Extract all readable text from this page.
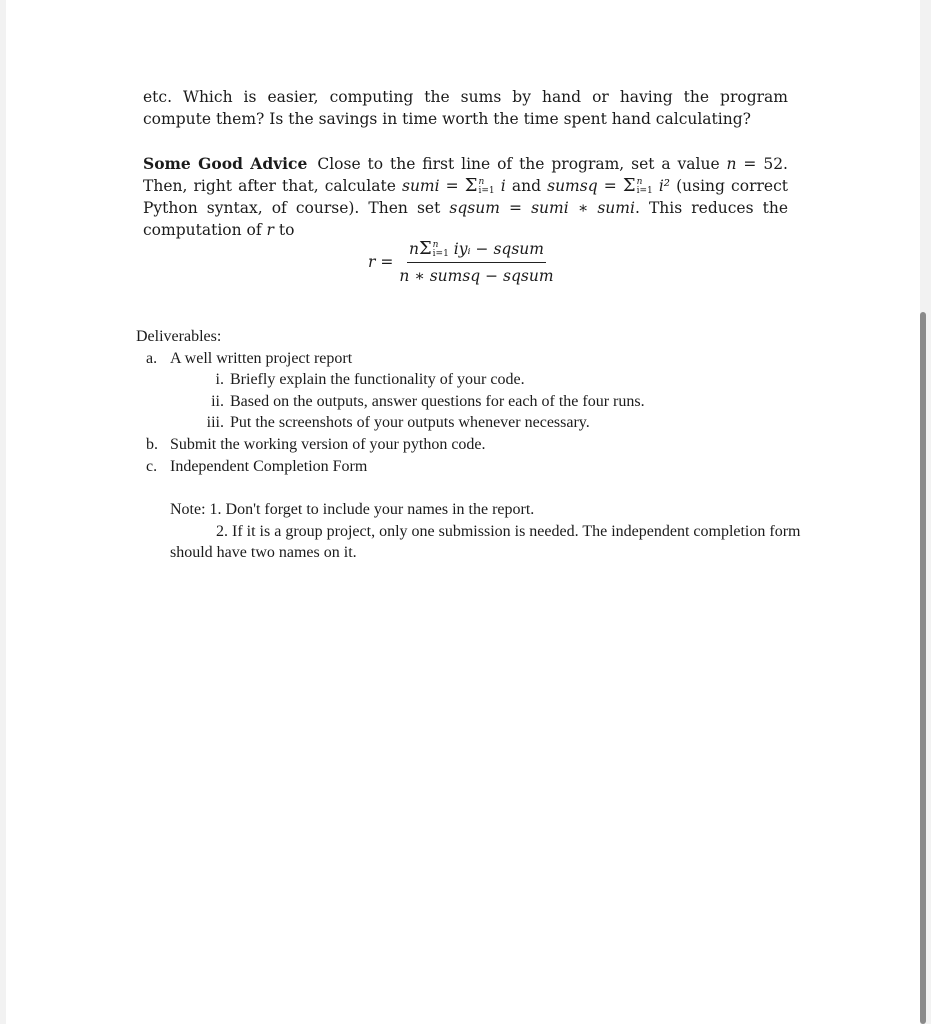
etc. Which is easier, computing the sums by hand or having the program compute them? Is the savings in time worth the time spent hand calculating?
Some Good Advice Close to the first line of the program, set a value n = 52. Then, right after that, calculate sumi = Σ n
i=1 i and sumsq = Σ n
i=1 i² (using correct Python syntax, of course). Then set sqsum = sumi ∗ sumi. This reduces the computation of r to
r = nΣ n
i=1 iyᵢ − sqsum
n ∗ sumsq − sqsum
Deliverables:
a. A well written project report
i. Briefly explain the functionality of your code.
ii. Based on the outputs, answer questions for each of the four runs.
iii. Put the screenshots of your outputs whenever necessary.
b. Submit the working version of your python code.
c. Independent Completion Form
Note: 1. Don't forget to include your names in the report.
2. If it is a group project, only one submission is needed. The independent completion form
should have two names on it.
